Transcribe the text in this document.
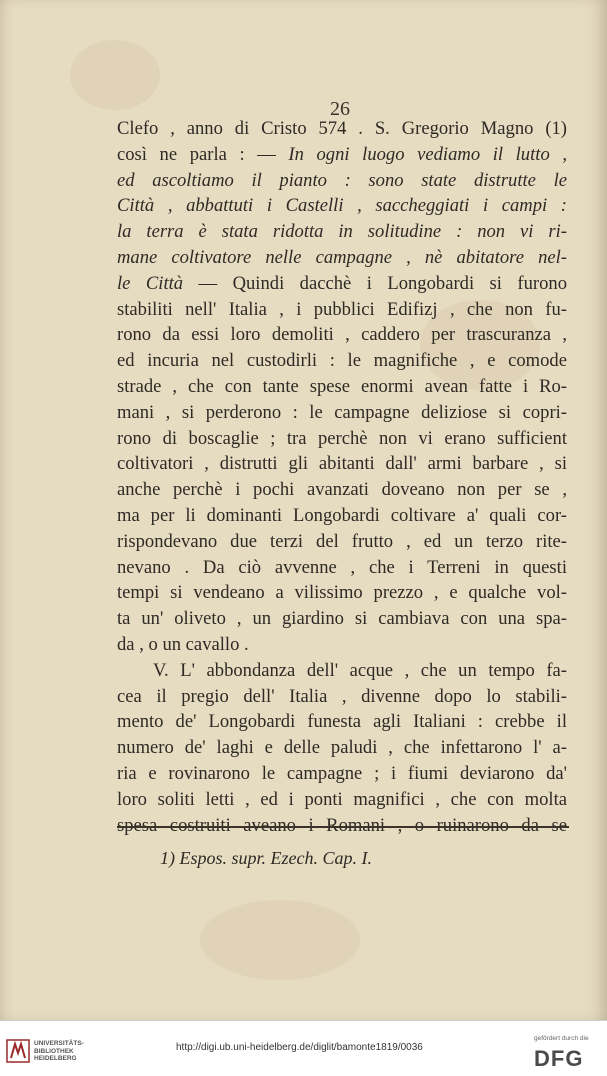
26
Clefo , anno di Cristo 574 . S. Gregorio Magno (1)
così ne parla : — In ogni luogo vediamo il lutto ,
ed ascoltiamo il pianto : sono state distrutte le
Città , abbattuti i Castelli , saccheggiati i campi :
la terra è stata ridotta in solitudine : non vi ri-
mane coltivatore nelle campagne , nè abitatore nel-
le Città — Quindi dacchè i Longobardi si furono
stabiliti nell' Italia , i pubblici Edifizj , che non fu-
rono da essi loro demoliti , caddero per trascuranza ,
ed incuria nel custodirli : le magnifiche , e comode
strade , che con tante spese enormi avean fatte i Ro-
mani , si perderono : le campagne deliziose si copri-
rono di boscaglie ; tra perchè non vi erano sufficient
coltivatori , distrutti gli abitanti dall' armi barbare , si
anche perchè i pochi avanzati doveano non per se ,
ma per li dominanti Longobardi coltivare a' quali cor-
rispondevano due terzi del frutto , ed un terzo rite-
nevano . Da ciò avvenne , che i Terreni in questi
tempi si vendeano a vilissimo prezzo , e qualche vol-
ta un' oliveto , un giardino si cambiava con una spa-
da , o un cavallo .
V. L' abbondanza dell' acque , che un tempo fa-
cea il pregio dell' Italia , divenne dopo lo stabili-
mento de' Longobardi funesta agli Italiani : crebbe il
numero de' laghi e delle paludi , che infettarono l' a-
ria e rovinarono le campagne ; i fiumi deviarono da'
loro soliti letti , ed i ponti magnifici , che con molta
spesa costruiti aveano i Romani , o ruinarono da se
1) Espos. supr. Ezech. Cap. I.
UNIVERSITÄTS-
BIBLIOTHEK
HEIDELBERG
http://digi.ub.uni-heidelberg.de/diglit/bamonte1819/0036
gefördert durch die
DFG
